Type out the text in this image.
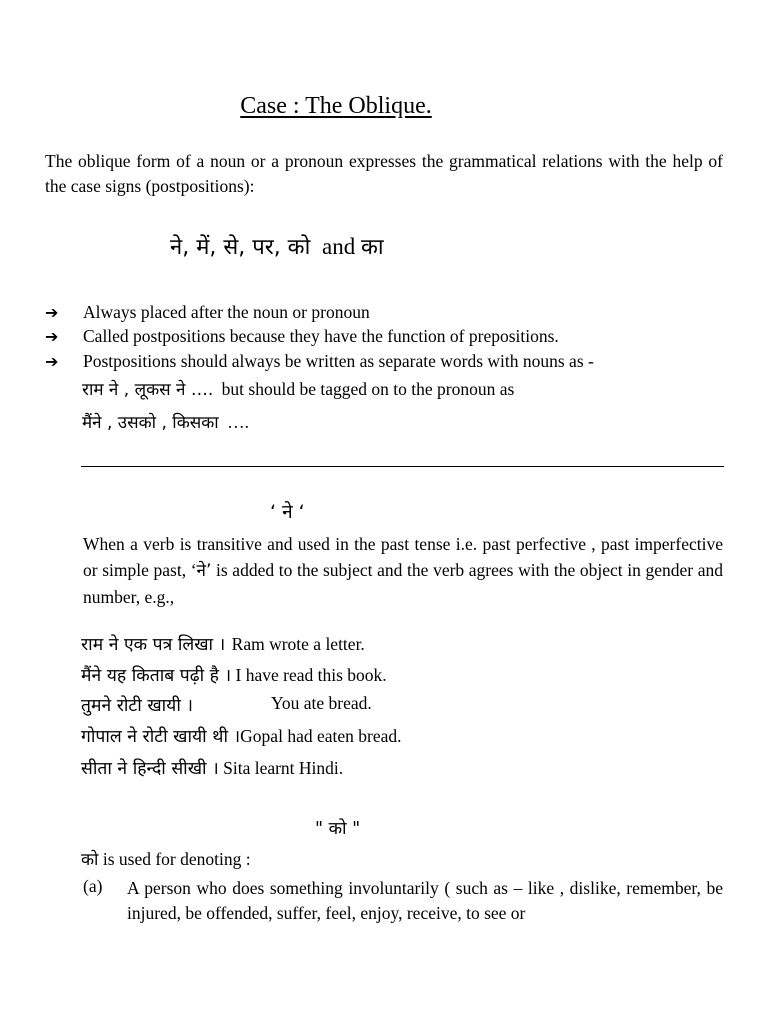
Case : The Oblique.
The oblique form of a noun or a pronoun expresses the grammatical relations with the help of the case signs (postpositions):
ने, में, से, पर, को and का
➔ Always placed after the noun or pronoun
➔ Called postpositions because they have the function of prepositions.
➔ Postpositions should always be written as separate words with nouns as -
राम ने , लूकस ने …. but should be tagged on to the pronoun as
मैंने , उसको , किसका ….
‘ ने ‘
When a verb is transitive and used in the past tense i.e. past perfective , past imperfective or simple past, ‘ने’ is added to the subject and the verb agrees with the object in gender and number, e.g.,
राम ने एक पत्र लिखा । Ram wrote a letter.
मैंने यह किताब पढ़ी है । I have read this book.
तुमने रोटी खायी ।	You ate bread.
गोपाल ने रोटी खायी थी ।Gopal had eaten bread.
सीता ने हिन्दी सीखी । Sita learnt Hindi.
" को "
को is used for denoting :
(a) A person who does something involuntarily ( such as – like , dislike, remember, be injured, be offended, suffer, feel, enjoy, receive, to see or
